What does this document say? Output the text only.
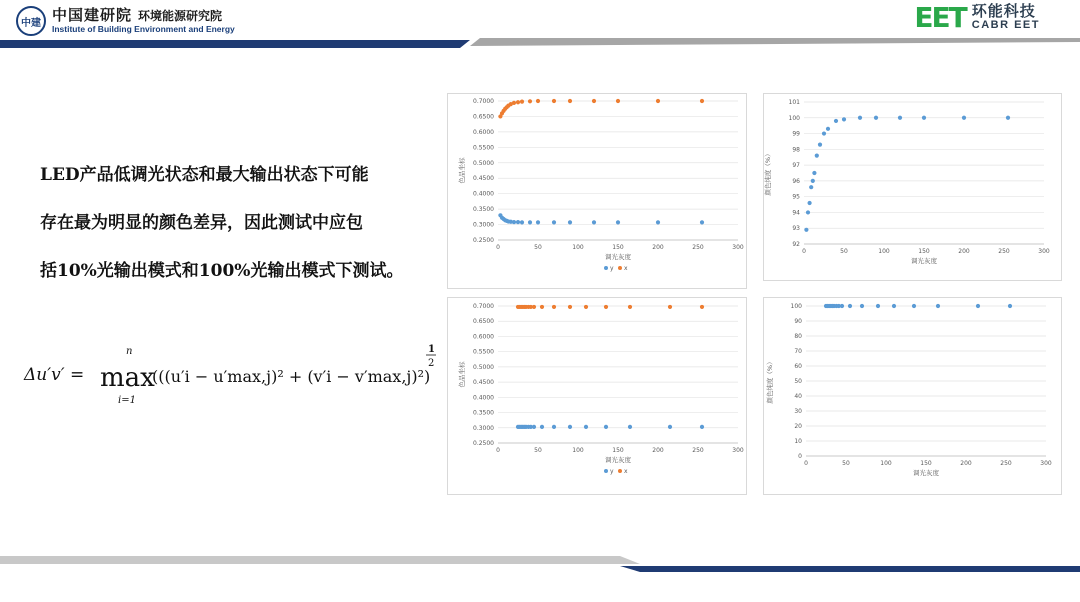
中建 中国建研院 环境能源研究院
Institute of Building Environment and Energy	EET 环能科技
CABR EET
LED产品低调光状态和最大输出状态下可能
存在最为明显的颜色差异，因此测试中应包
括10%光输出模式和100%光输出模式下测试。
Δu′v′ =
n
max
i=1
(((u′i − u′max,j)² + (v′i − v′max,j)²)
1
2
0.2500
0.3000
0.3500
0.4000
0.4500
0.5000
0.5500
0.6000
0.6500
0.7000
0	50	100	150	200	250	300
调光灰度
色品坐标
y x
92
93
94
95
96
97
98
99
100
101
0	50	100	150	200	250	300
调光灰度
颜色纯度（%）
0.2500
0.3000
0.3500
0.4000
0.4500
0.5000
0.5500
0.6000
0.6500
0.7000
0	50	100	150	200	250	300
调光灰度
色品坐标
y x
0
10
20
30
40
50
60
70
80
90
100
0	50	100	150	200	250	300
调光灰度
颜色纯度（%）
